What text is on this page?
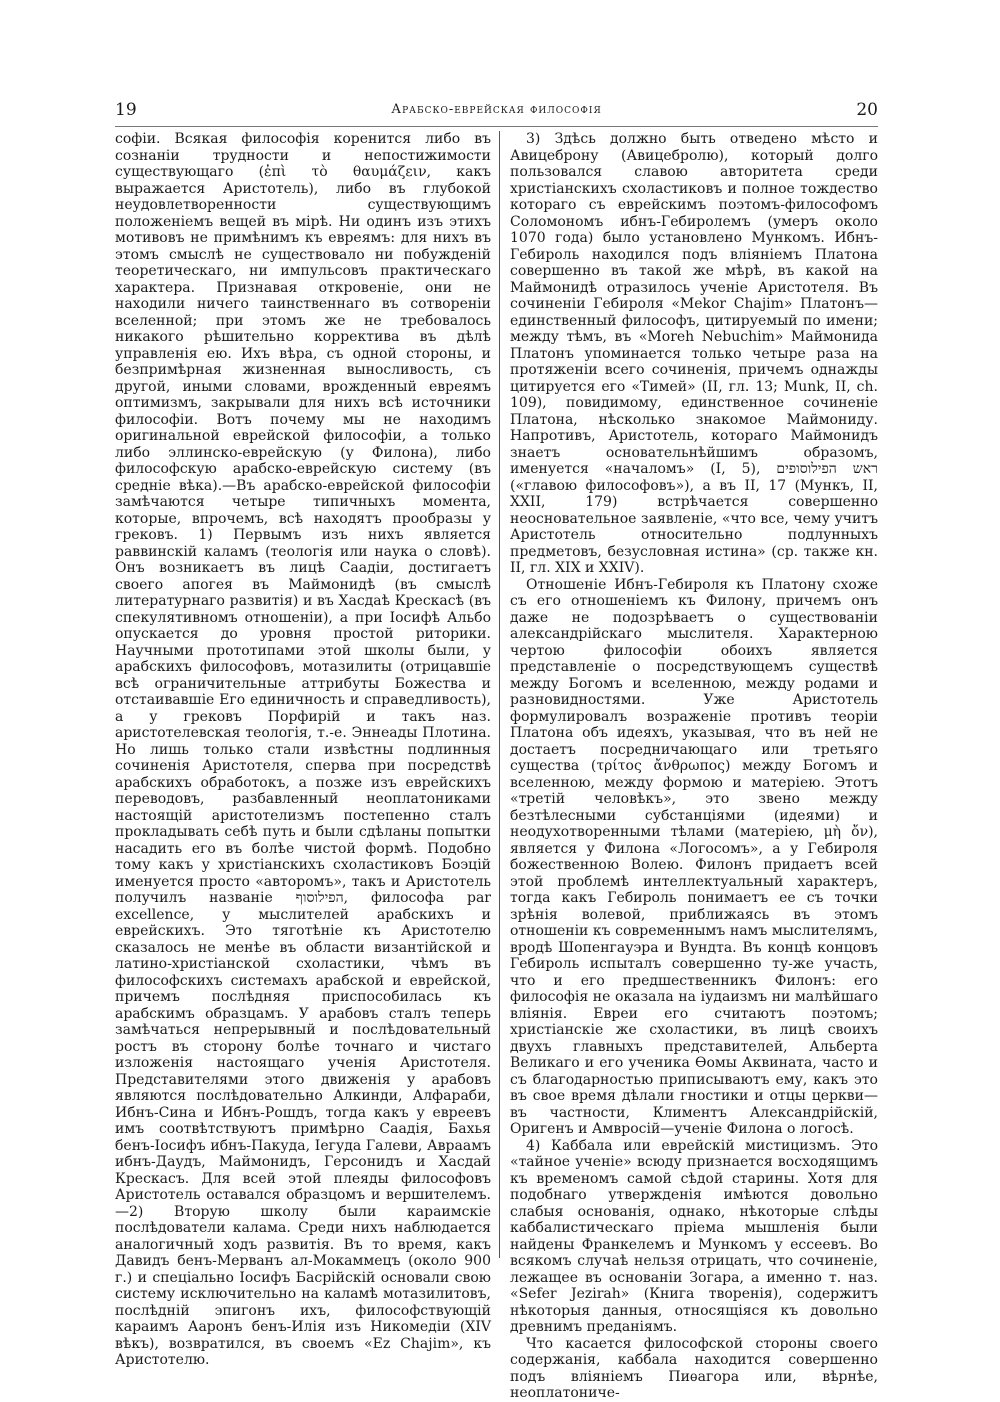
19	Арабско-еврейская философія	20

софіи. Всякая философія коренится либо въ сознаніи трудности и непостижимости существующаго (ἐπὶ τὸ θαυμάζειν, какъ выражается Аристотель), либо въ глубокой неудовлетворенности существующимъ положеніемъ вещей въ мірѣ. Ни одинъ изъ этихъ мотивовъ не примѣнимъ къ евреямъ: для нихъ въ этомъ смыслѣ не существовало ни побужденій теоретическаго, ни импульсовъ практическаго характера. Признавая откровеніе, они не находили ничего таинственнаго въ сотвореніи вселенной; при этомъ же не требовалось никакого рѣшительно корректива въ дѣлѣ управленія ею. Ихъ вѣра, съ одной стороны, и безпримѣрная жизненная выносливость, съ другой, иными словами, врожденный евреямъ оптимизмъ, закрывали для нихъ всѣ источники философіи. Вотъ почему мы не находимъ оригинальной еврейской философіи, а только либо эллинско-еврейскую (у Филона), либо философскую арабско-еврейскую систему (въ средніе вѣка).—Въ арабско-еврейской философіи замѣчаются четыре типичныхъ момента, которые, впрочемъ, всѣ находятъ прообразы у грековъ. 1) Первымъ изъ нихъ является раввинскій каламъ (теологія или наука о словѣ). Онъ возникаетъ въ лицѣ Саадіи, достигаетъ своего апогея въ Маймонидѣ (въ смыслѣ литературнаго развитія) и въ Хасдаѣ Крескасѣ (въ спекулятивномъ отношеніи), а при Іосифѣ Альбо опускается до уровня простой риторики. Научными прототипами этой школы были, у арабскихъ философовъ, мотазилиты (отрицавшіе всѣ ограничительные аттрибуты Божества и отстаивавшіе Его единичность и справедливость), а у грековъ Порфирій и такъ наз. аристотелевская теологія, т.-е. Эннеады Плотина. Но лишь только стали извѣстны подлинныя сочиненія Аристотеля, сперва при посредствѣ арабскихъ обработокъ, а позже изъ еврейскихъ переводовъ, разбавленный неоплатониками настоящій аристотелизмъ постепенно сталъ прокладывать себѣ путь и были сдѣланы попытки насадить его въ болѣе чистой формѣ. Подобно тому какъ у христіанскихъ схоластиковъ Боэцій именуется просто «авторомъ», такъ и Аристотель получилъ названіе הפילוסוף, философа par excellence, у мыслителей арабскихъ и еврейскихъ. Это тяготѣніе къ Аристотелю сказалось не менѣе въ области византійской и латино-христіанской схоластики, чѣмъ въ философскихъ системахъ арабской и еврейской, причемъ послѣдняя приспособилась къ арабскимъ образцамъ. У арабовъ сталъ теперь замѣчаться непрерывный и послѣдовательный ростъ въ сторону болѣе точнаго и чистаго изложенія настоящаго ученія Аристотеля. Представителями этого движенія у арабовъ являются послѣдовательно Алкинди, Алфараби, Ибнъ-Сина и Ибнъ-Рошдъ, тогда какъ у евреевъ имъ соотвѣтствуютъ примѣрно Саадія, Бахья бенъ-Іосифъ ибнъ-Пакуда, Іегуда Галеви, Авраамъ ибнъ-Даудъ, Маймонидъ, Герсонидъ и Хасдай Крескасъ. Для всей этой плеяды философовъ Аристотель оставался образцомъ и вершителемъ.—2) Вторую школу были караимскіе послѣдователи калама. Среди нихъ наблюдается аналогичный ходъ развитія. Въ то время, какъ Давидъ бенъ-Мерванъ ал-Мокаммецъ (около 900 г.) и спеціально Іосифъ Басрійскій основали свою систему исключительно на каламѣ мотазилитовъ, послѣдній эпигонъ ихъ, философствующій караимъ Ааронъ бенъ-Илія изъ Никомедіи (XIV вѣкъ), возвратился, въ своемъ «Ez Chajim», къ Аристотелю.

3) Здѣсь должно быть отведено мѣсто и Авицеброну (Авицебролю), который долго пользовался славою авторитета среди христіанскихъ схоластиковъ и полное тождество котораго съ еврейскимъ поэтомъ-философомъ Соломономъ ибнъ-Гебиролемъ (умеръ около 1070 года) было установлено Мункомъ. Ибнъ-Гебироль находился подъ вліяніемъ Платона совершенно въ такой же мѣрѣ, въ какой на Маймонидѣ отразилось ученіе Аристотеля. Въ сочиненіи Гебироля «Mekor Chajim» Платонъ—единственный философъ, цитируемый по имени; между тѣмъ, въ «Moreh Nebuchim» Маймонида Платонъ упоминается только четыре раза на протяженіи всего сочиненія, причемъ однажды цитируется его «Тимей» (II, гл. 13; Munk, II, ch. 109), повидимому, единственное сочиненіе Платона, нѣсколько знакомое Маймониду. Напротивъ, Аристотель, котораго Маймонидъ знаетъ основательнѣйшимъ образомъ, именуется «началомъ» (I, 5), ראש הפילוסופים («главою философовъ»), а въ II, 17 (Мункъ, II, XXII, 179) встрѣчается совершенно неосновательное заявленіе, «что все, чему учитъ Аристотель относительно подлунныхъ предметовъ, безусловная истина» (ср. также кн. II, гл. XIX и XXIV).

Отношеніе Ибнъ-Гебироля къ Платону схоже съ его отношеніемъ къ Филону, причемъ онъ даже не подозрѣваетъ о существованіи александрійскаго мыслителя. Характерною чертою философіи обоихъ является представленіе о посредствующемъ существѣ между Богомъ и вселенною, между родами и разновидностями. Уже Аристотель формулировалъ возраженіе противъ теоріи Платона объ идеяхъ, указывая, что въ ней не достаетъ посредничающаго или третьяго существа (τρίτος ἄνθρωπος) между Богомъ и вселенною, между формою и матеріею. Этотъ «третій человѣкъ», это звено между безтѣлесными субстанціями (идеями) и неодухотворенными тѣлами (матеріею, μὴ ὄν), является у Филона «Логосомъ», а у Гебироля божественною Волею. Филонъ придаетъ всей этой проблемѣ интеллектуальный характеръ, тогда какъ Гебироль понимаетъ ее съ точки зрѣнія волевой, приближаясь въ этомъ отношеніи къ современнымъ намъ мыслителямъ, вродѣ Шопенгауэра и Вундта. Въ концѣ концовъ Гебироль испыталъ совершенно ту-же участь, что и его предшественникъ Филонъ: его философія не оказала на іудаизмъ ни малѣйшаго вліянія. Евреи его считаютъ поэтомъ; христіанскіе же схоластики, въ лицѣ своихъ двухъ главныхъ представителей, Альберта Великаго и его ученика Ѳомы Аквината, часто и съ благодарностью приписываютъ ему, какъ это въ свое время дѣлали гностики и отцы церкви—въ частности, Климентъ Александрійскій, Оригенъ и Амвросій—ученіе Филона о логосѣ.

4) Каббала или еврейскій мистицизмъ. Это «тайное ученіе» всюду признается восходящимъ къ временомъ самой сѣдой старины. Хотя для подобнаго утвержденія имѣются довольно слабыя основанія, однако, нѣкоторые слѣды каббалистическаго пріема мышленія были найдены Франкелемъ и Мункомъ у ессеевъ. Во всякомъ случаѣ нельзя отрицать, что сочиненіе, лежащее въ основаніи Зогара, а именно т. наз. «Sefer Jezirah» (Книга творенія), содержитъ нѣкоторыя данныя, относящіяся къ довольно древнимъ преданіямъ.

Что касается философской стороны своего содержанія, каббала находится совершенно подъ вліяніемъ Пиѳагора или, вѣрнѣе, неоплатониче-
